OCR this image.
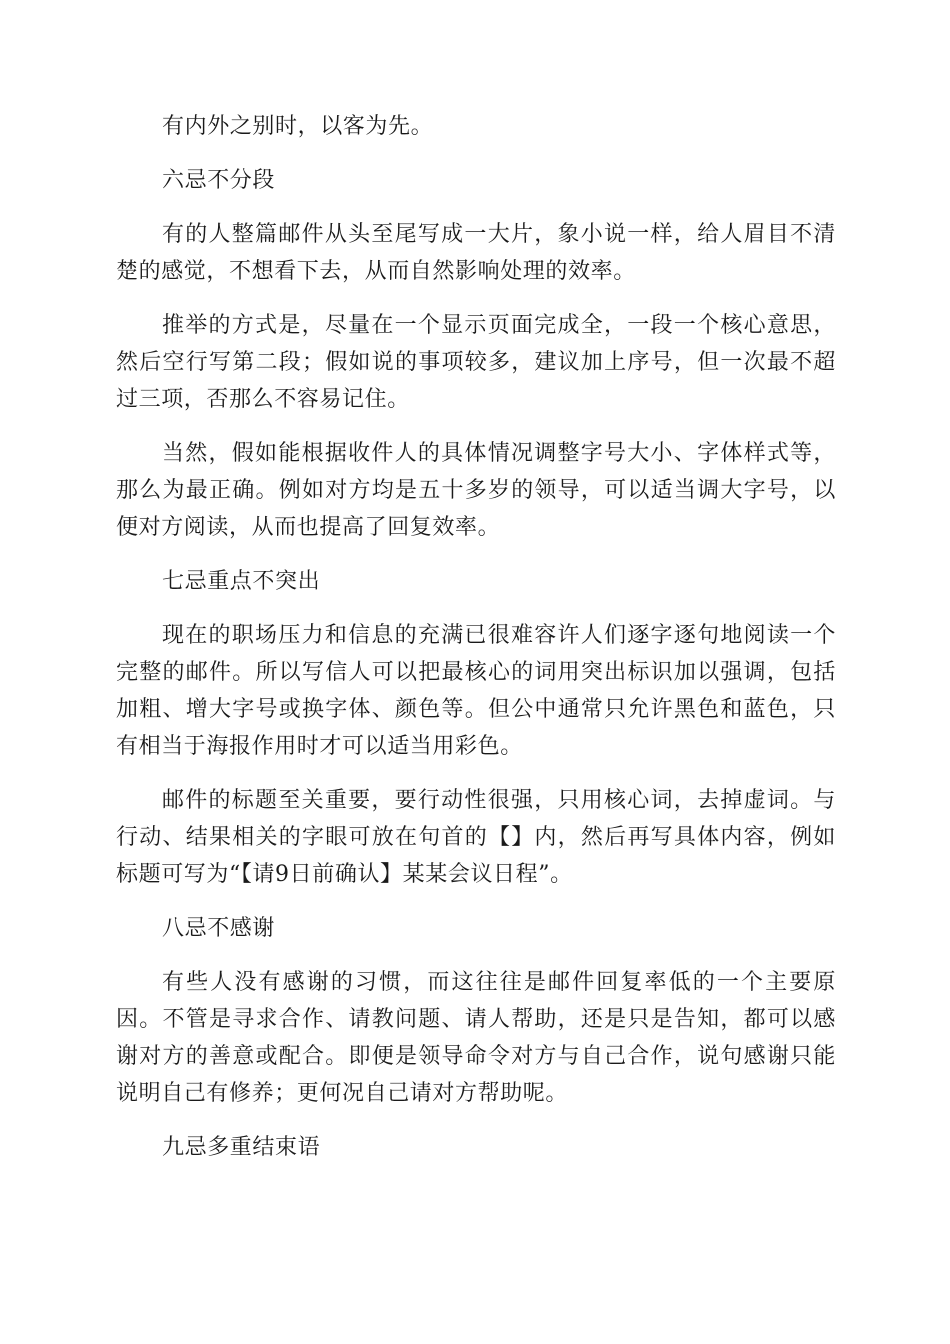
有内外之别时，以客为先。

六忌不分段

有的人整篇邮件从头至尾写成一大片，象小说一样，给人眉目不清楚的感觉，不想看下去，从而自然影响处理的效率。

推举的方式是，尽量在一个显示页面完成全，一段一个核心意思，然后空行写第二段；假如说的事项较多，建议加上序号，但一次最不超过三项，否那么不容易记住。

当然，假如能根据收件人的具体情况调整字号大小、字体样式等，那么为最正确。例如对方均是五十多岁的领导，可以适当调大字号，以便对方阅读，从而也提高了回复效率。

七忌重点不突出

现在的职场压力和信息的充满已很难容许人们逐字逐句地阅读一个完整的邮件。所以写信人可以把最核心的词用突出标识加以强调，包括加粗、增大字号或换字体、颜色等。但公中通常只允许黑色和蓝色，只有相当于海报作用时才可以适当用彩色。

邮件的标题至关重要，要行动性很强，只用核心词，去掉虚词。与行动、结果相关的字眼可放在句首的【】内，然后再写具体内容，例如标题可写为“【请9日前确认】某某会议日程”。

八忌不感谢

有些人没有感谢的习惯，而这往往是邮件回复率低的一个主要原因。不管是寻求合作、请教问题、请人帮助，还是只是告知，都可以感谢对方的善意或配合。即便是领导命令对方与自己合作，说句感谢只能说明自己有修养；更何况自己请对方帮助呢。

九忌多重结束语
